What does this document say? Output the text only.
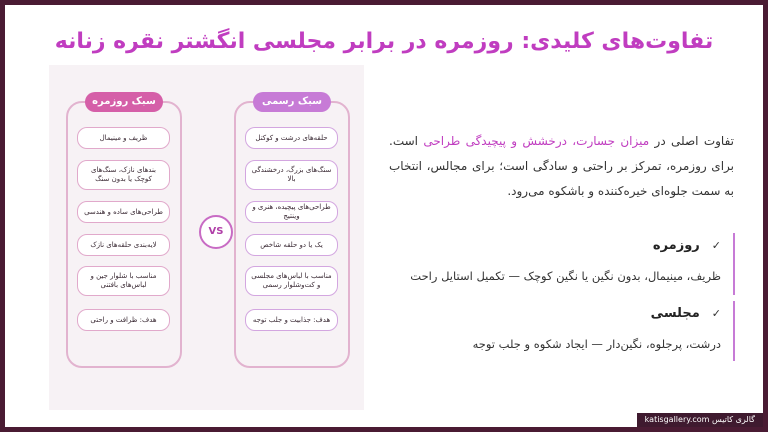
تفاوت‌های کلیدی: روزمره در برابر مجلسی انگشتر نقره زنانه
سبک روزمره
ظریف و مینیمال
بندهای نازک، سنگ‌های کوچک یا بدون سنگ
طراحی‌های ساده و هندسی
لایه‌بندی حلقه‌های نازک
مناسب با شلوار جین و لباس‌های بافتنی
هدف: ظرافت و راحتی
VS
سبک رسمی
حلقه‌های درشت و کوکتل
سنگ‌های بزرگ، درخشندگی بالا
طراحی‌های پیچیده، هنری و وینتیج
یک یا دو حلقه شاخص
مناسب با لباس‌های مجلسی و کت‌وشلوار رسمی
هدف: جذابیت و جلب توجه
تفاوت اصلی در میزان جسارت، درخشش و پیچیدگی طراحی است. برای روزمره، تمرکز بر راحتی و سادگی است؛ برای مجالس، انتخاب به سمت جلوه‌ای خیره‌کننده و باشکوه می‌رود.
✓روزمره
ظریف، مینیمال، بدون نگین یا نگین کوچک — تکمیل استایل راحت
✓مجلسی
درشت، پرجلوه، نگین‌دار — ایجاد شکوه و جلب توجه
گالری کاتیس katisgallery.com
